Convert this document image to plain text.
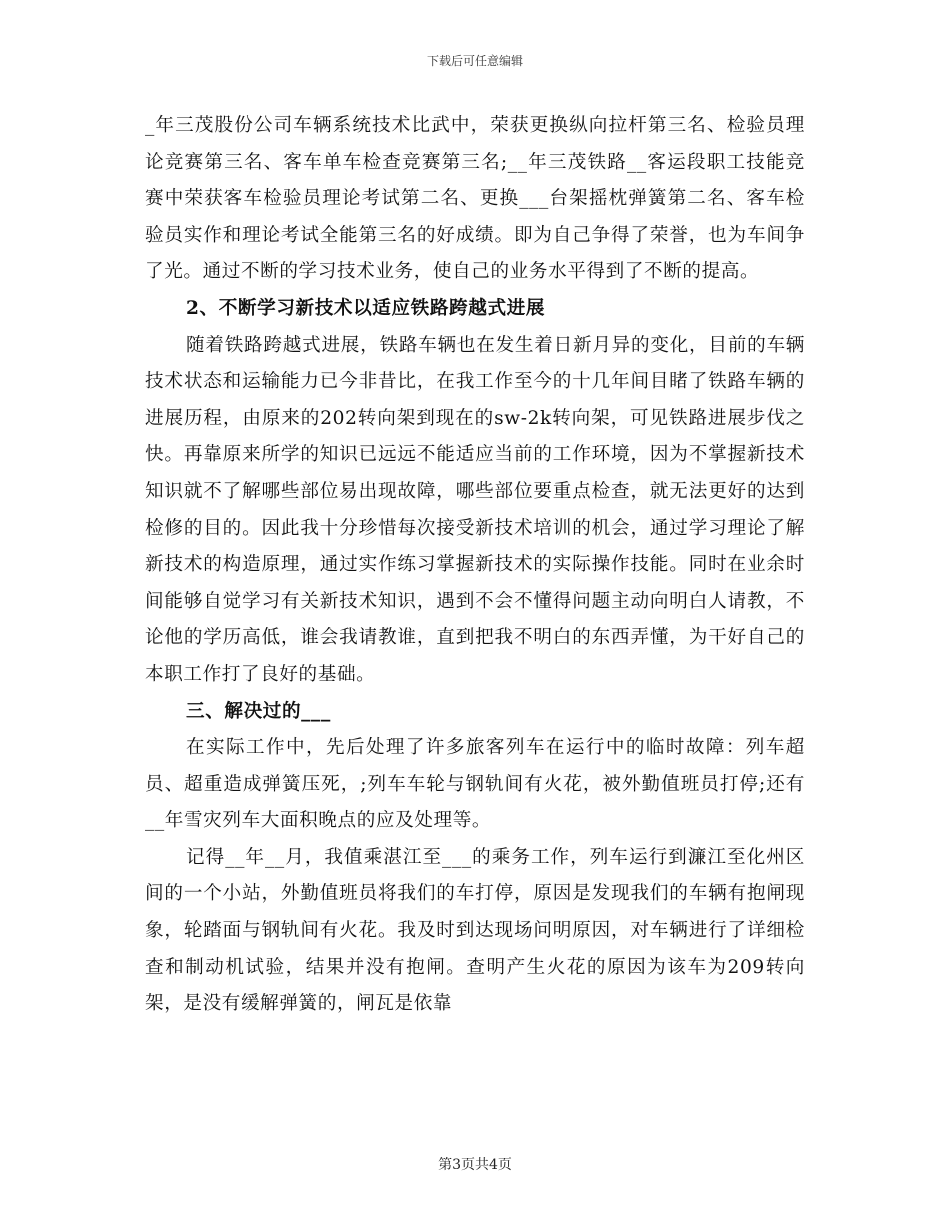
下载后可任意编辑

_年三茂股份公司车辆系统技术比武中，荣获更换纵向拉杆第三名、检验员理论竞赛第三名、客车单车检查竞赛第三名;__年三茂铁路__客运段职工技能竞赛中荣获客车检验员理论考试第二名、更换___台架摇枕弹簧第二名、客车检验员实作和理论考试全能第三名的好成绩。即为自己争得了荣誉，也为车间争了光。通过不断的学习技术业务，使自己的业务水平得到了不断的提高。

2、不断学习新技术以适应铁路跨越式进展

随着铁路跨越式进展，铁路车辆也在发生着日新月异的变化，目前的车辆技术状态和运输能力已今非昔比，在我工作至今的十几年间目睹了铁路车辆的进展历程，由原来的202转向架到现在的sw-2k转向架，可见铁路进展步伐之快。再靠原来所学的知识已远远不能适应当前的工作环境，因为不掌握新技术知识就不了解哪些部位易出现故障，哪些部位要重点检查，就无法更好的达到检修的目的。因此我十分珍惜每次接受新技术培训的机会，通过学习理论了解新技术的构造原理，通过实作练习掌握新技术的实际操作技能。同时在业余时间能够自觉学习有关新技术知识，遇到不会不懂得问题主动向明白人请教，不论他的学历高低，谁会我请教谁，直到把我不明白的东西弄懂，为干好自己的本职工作打了良好的基础。

三、解决过的___

在实际工作中，先后处理了许多旅客列车在运行中的临时故障：列车超员、超重造成弹簧压死，;列车车轮与钢轨间有火花，被外勤值班员打停;还有__年雪灾列车大面积晚点的应及处理等。

记得__年__月，我值乘湛江至___的乘务工作，列车运行到濂江至化州区间的一个小站，外勤值班员将我们的车打停，原因是发现我们的车辆有抱闸现象，轮踏面与钢轨间有火花。我及时到达现场问明原因，对车辆进行了详细检查和制动机试验，结果并没有抱闸。查明产生火花的原因为该车为209转向架，是没有缓解弹簧的，闸瓦是依靠

第3页共4页
